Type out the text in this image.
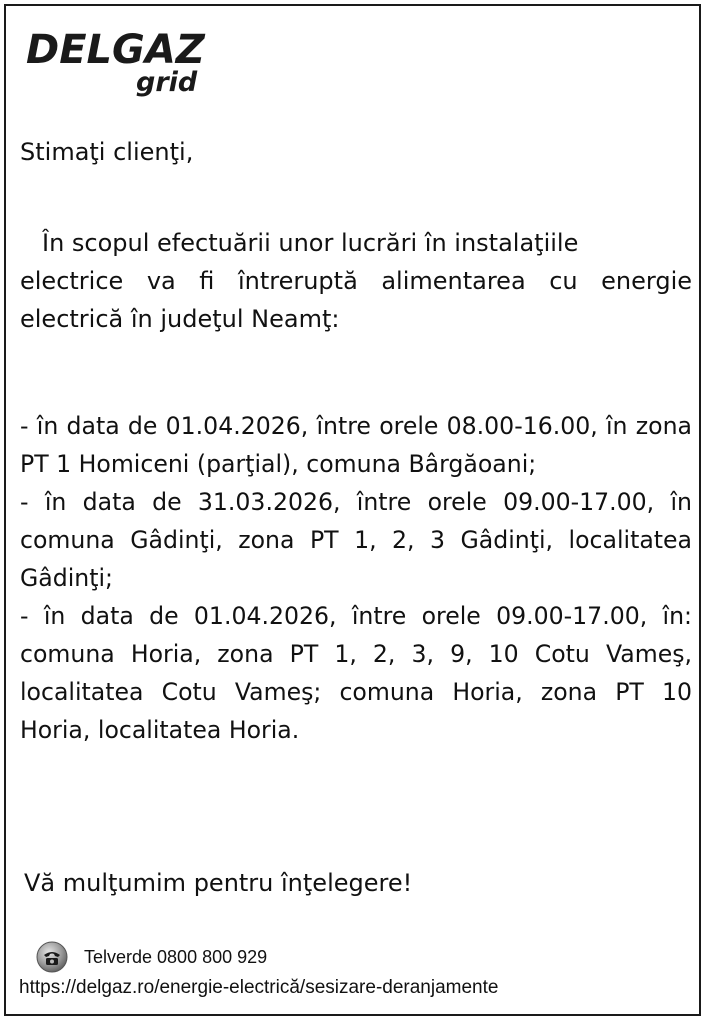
DELGAZ
grid
Stimaţi clienţi,
În scopul efectuării unor lucrări în instalaţiile
electrice va fi întreruptă alimentarea cu energie electrică în judeţul Neamţ:

- în data de 01.04.2026, între orele 08.00-16.00, în zona PT 1 Homiceni (parţial), comuna Bârgăoani;

- în data de 31.03.2026, între orele 09.00-17.00, în comuna Gâdinţi, zona PT 1, 2, 3 Gâdinţi, localitatea Gâdinţi;

- în data de 01.04.2026, între orele 09.00-17.00, în: comuna Horia, zona PT 1, 2, 3, 9, 10 Cotu Vameş, localitatea Cotu Vameş; comuna Horia, zona PT 10 Horia, localitatea Horia.

Vă mulţumim pentru înţelegere!
Telverde 0800 800 929
https://delgaz.ro/energie-electrică/sesizare-deranjamente
